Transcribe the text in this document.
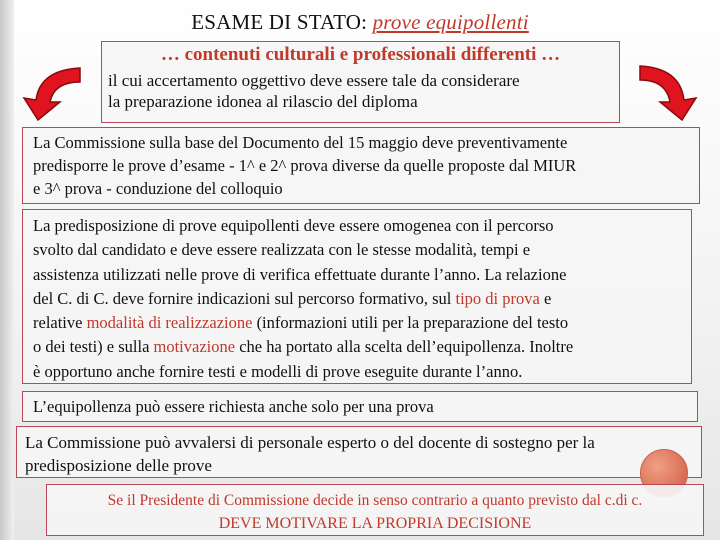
ESAME DI STATO: prove equipollenti
… contenuti culturali e professionali differenti …
il cui accertamento oggettivo deve essere tale da considerare
la preparazione idonea al rilascio del diploma
La Commissione sulla base del Documento del 15 maggio deve preventivamente
predisporre le prove d’esame - 1^ e 2^ prova diverse da quelle proposte dal MIUR
e 3^ prova - conduzione del colloquio
La predisposizione di prove equipollenti deve essere omogenea con il percorso
svolto dal candidato e deve essere realizzata con le stesse modalità, tempi e
assistenza utilizzati nelle prove di verifica effettuate durante l’anno. La relazione
del C. di C. deve fornire indicazioni sul percorso formativo, sul tipo di prova e
relative modalità di realizzazione (informazioni utili per la preparazione del testo
o dei testi) e sulla motivazione che ha portato alla scelta dell’equipollenza. Inoltre
è opportuno anche fornire testi e modelli di prove eseguite durante l’anno.
L’equipollenza può essere richiesta anche solo per una prova
La Commissione può avvalersi di personale esperto o del docente di sostegno per la
predisposizione delle prove
Se il Presidente di Commissione decide in senso contrario a quanto previsto dal c.di c.
DEVE MOTIVARE LA PROPRIA DECISIONE
